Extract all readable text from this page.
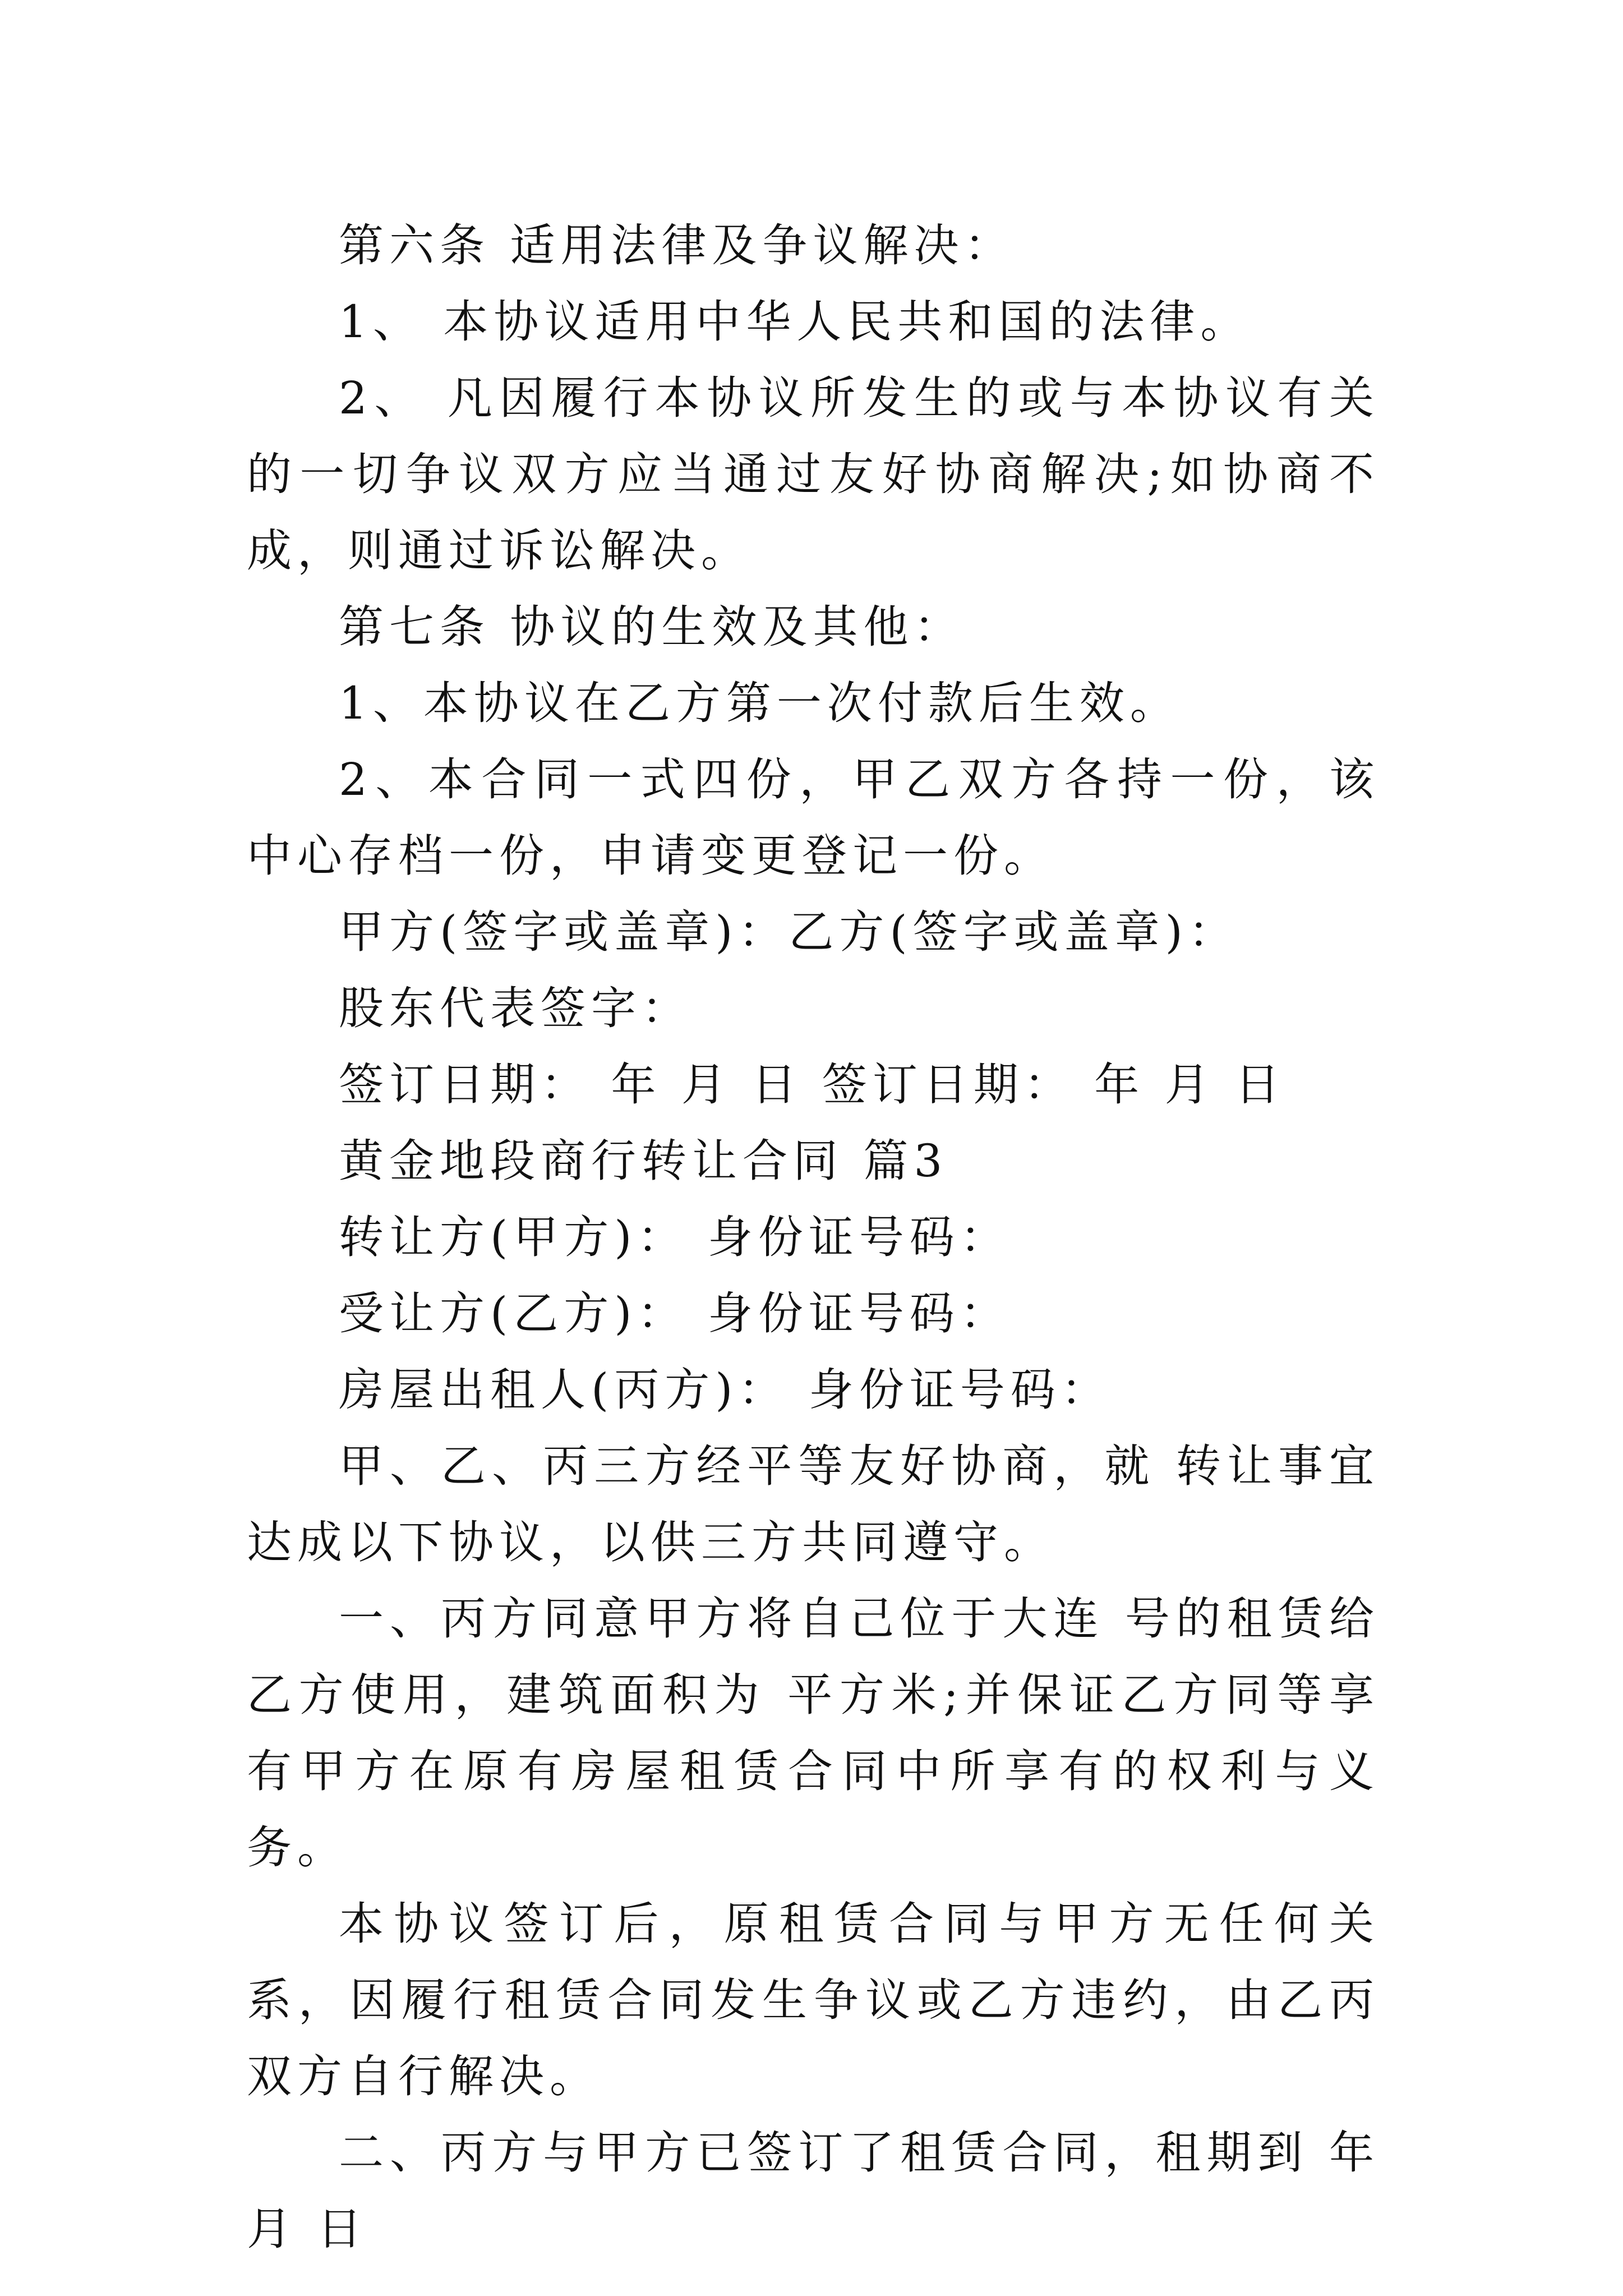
第六条 适用法律及争议解决：

1、 本协议适用中华人民共和国的法律。

2、 凡因履行本协议所发生的或与本协议有关的一切争议双方应当通过友好协商解决;如协商不成，则通过诉讼解决。

第七条 协议的生效及其他：

1、本协议在乙方第一次付款后生效。

2、本合同一式四份，甲乙双方各持一份，该中心存档一份，申请变更登记一份。

甲方(签字或盖章)：乙方(签字或盖章)：

股东代表签字：

签订日期： 年 月 日 签订日期： 年 月 日

黄金地段商行转让合同 篇3

转让方(甲方)： 身份证号码：

受让方(乙方)： 身份证号码：

房屋出租人(丙方)： 身份证号码：

甲、乙、丙三方经平等友好协商，就 转让事宜达成以下协议，以供三方共同遵守。

一、丙方同意甲方将自己位于大连 号的租赁给乙方使用，建筑面积为 平方米;并保证乙方同等享有甲方在原有房屋租赁合同中所享有的权利与义务。

本协议签订后，原租赁合同与甲方无任何关系，因履行租赁合同发生争议或乙方违约，由乙丙双方自行解决。

二、丙方与甲方已签订了租赁合同，租期到 年 月 日
